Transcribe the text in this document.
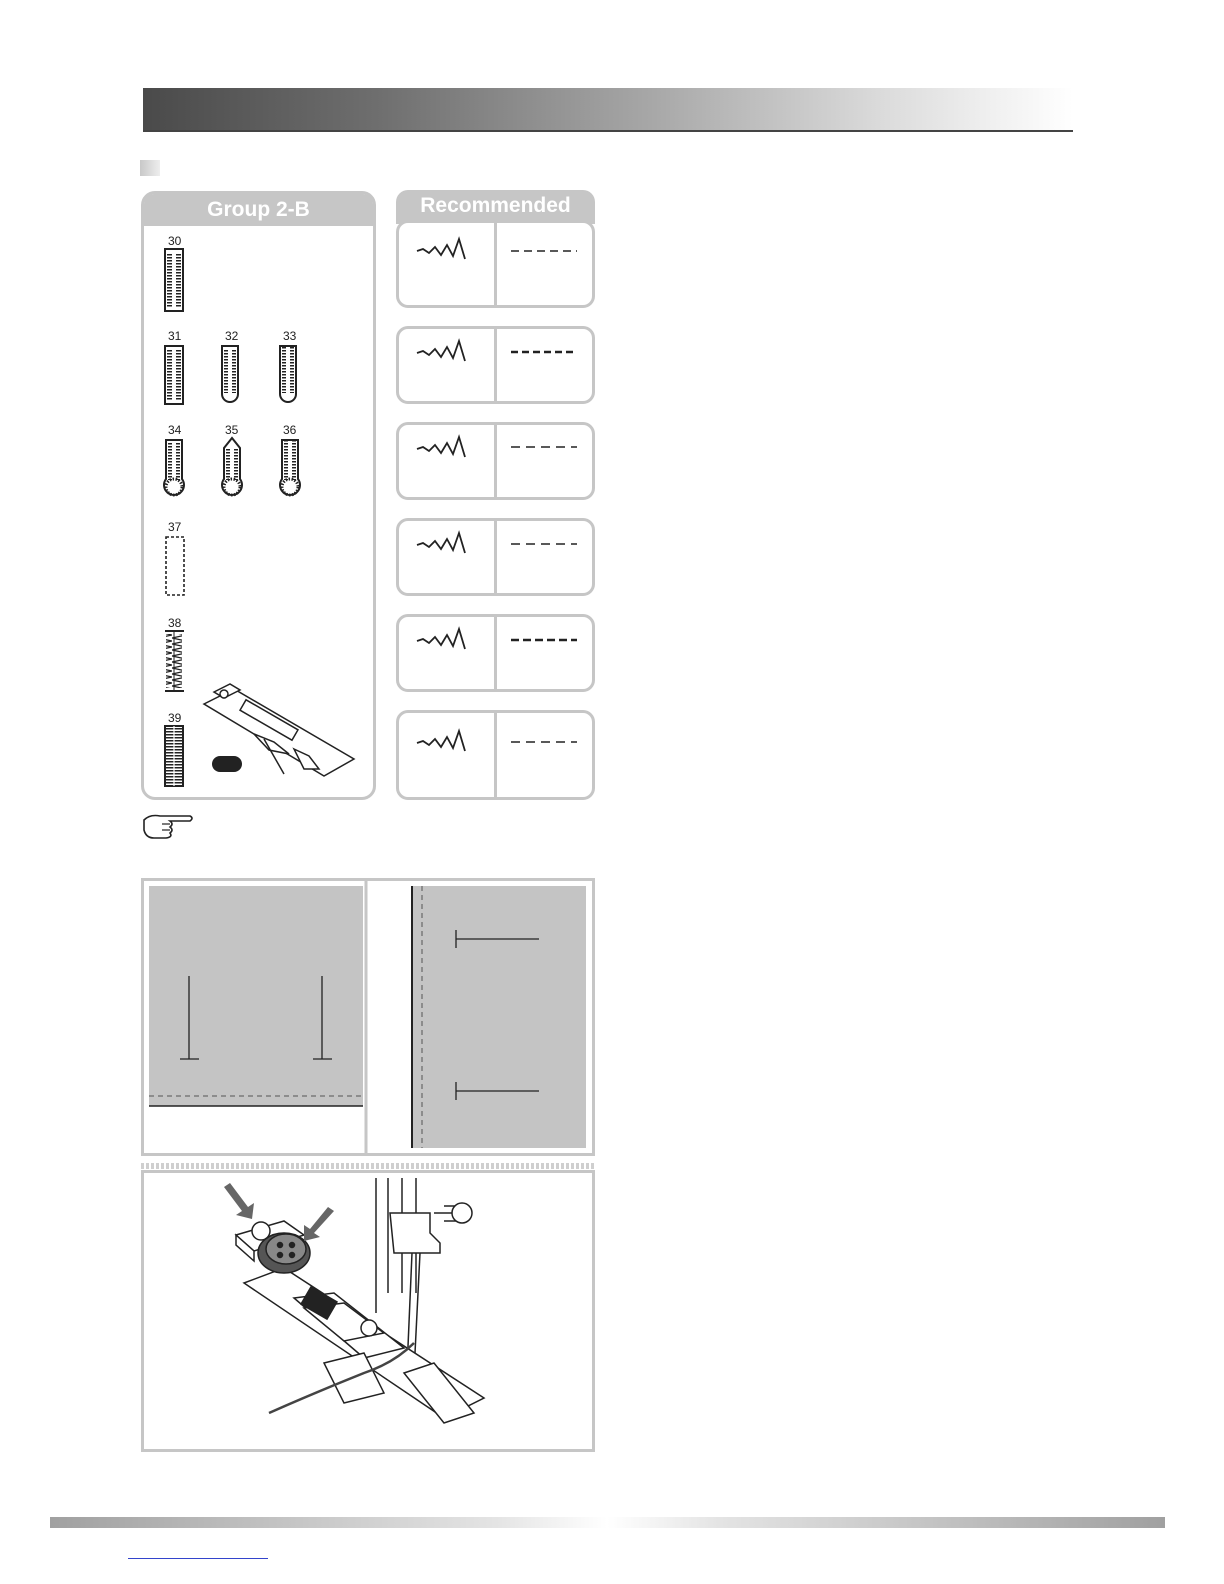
Group 2-B
30
31	32	33
34	35	36
37
38
39
Recommended
